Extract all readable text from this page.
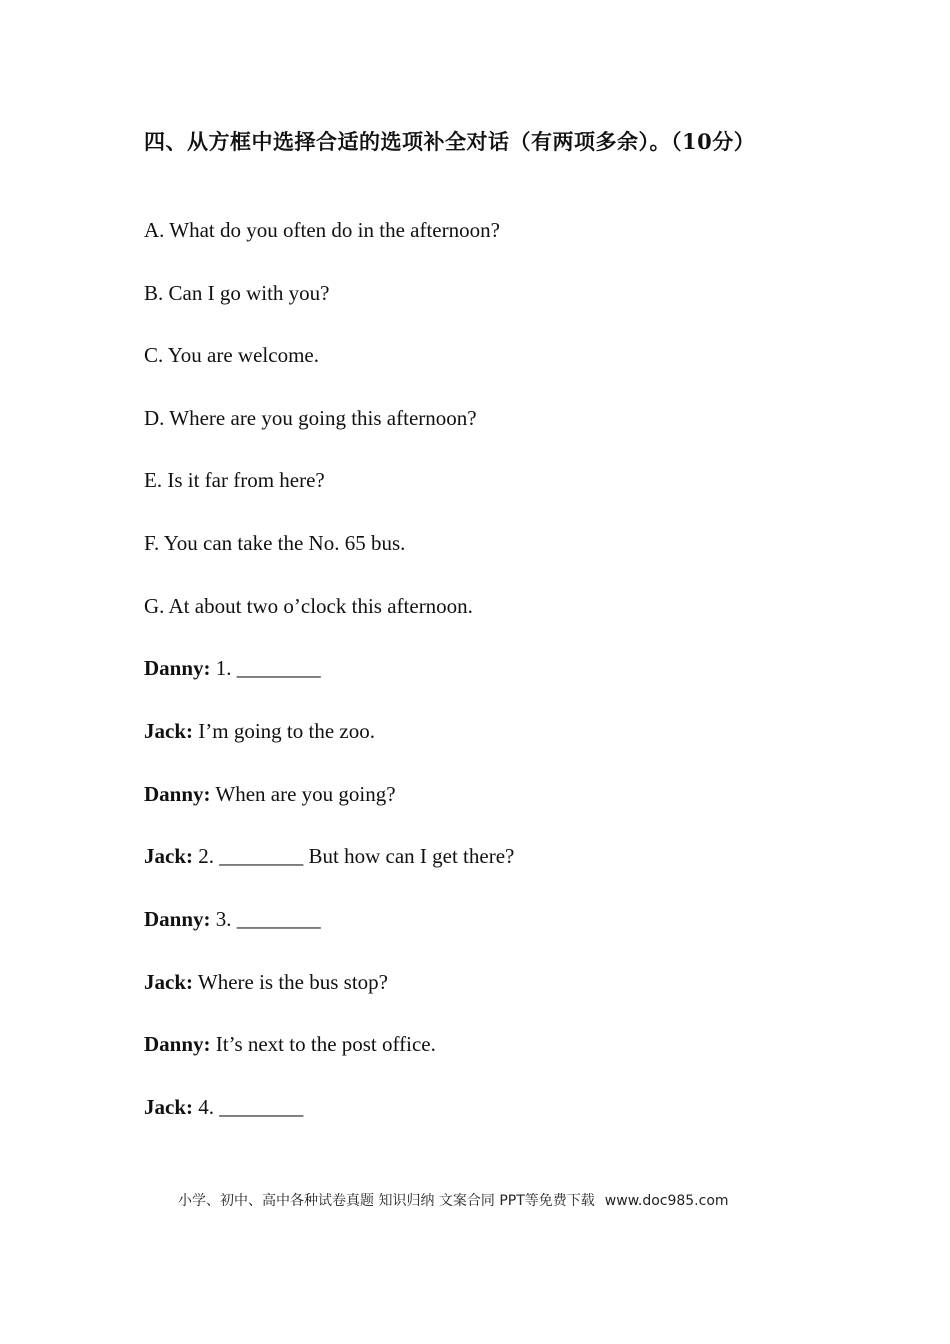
四、从方框中选择合适的选项补全对话（有两项多余）。（10分）
A. What do you often do in the afternoon?
B. Can I go with you?
C. You are welcome.
D. Where are you going this afternoon?
E. Is it far from here?
F. You can take the No. 65 bus.
G. At about two o’clock this afternoon.
Danny: 1. ________
Jack: I’m going to the zoo.
Danny: When are you going?
Jack: 2. ________ But how can I get there?
Danny: 3. ________
Jack: Where is the bus stop?
Danny: It’s next to the post office.
Jack: 4. ________
小学、初中、高中各种试卷真题 知识归纳 文案合同 PPT等免费下载 www.doc985.com
